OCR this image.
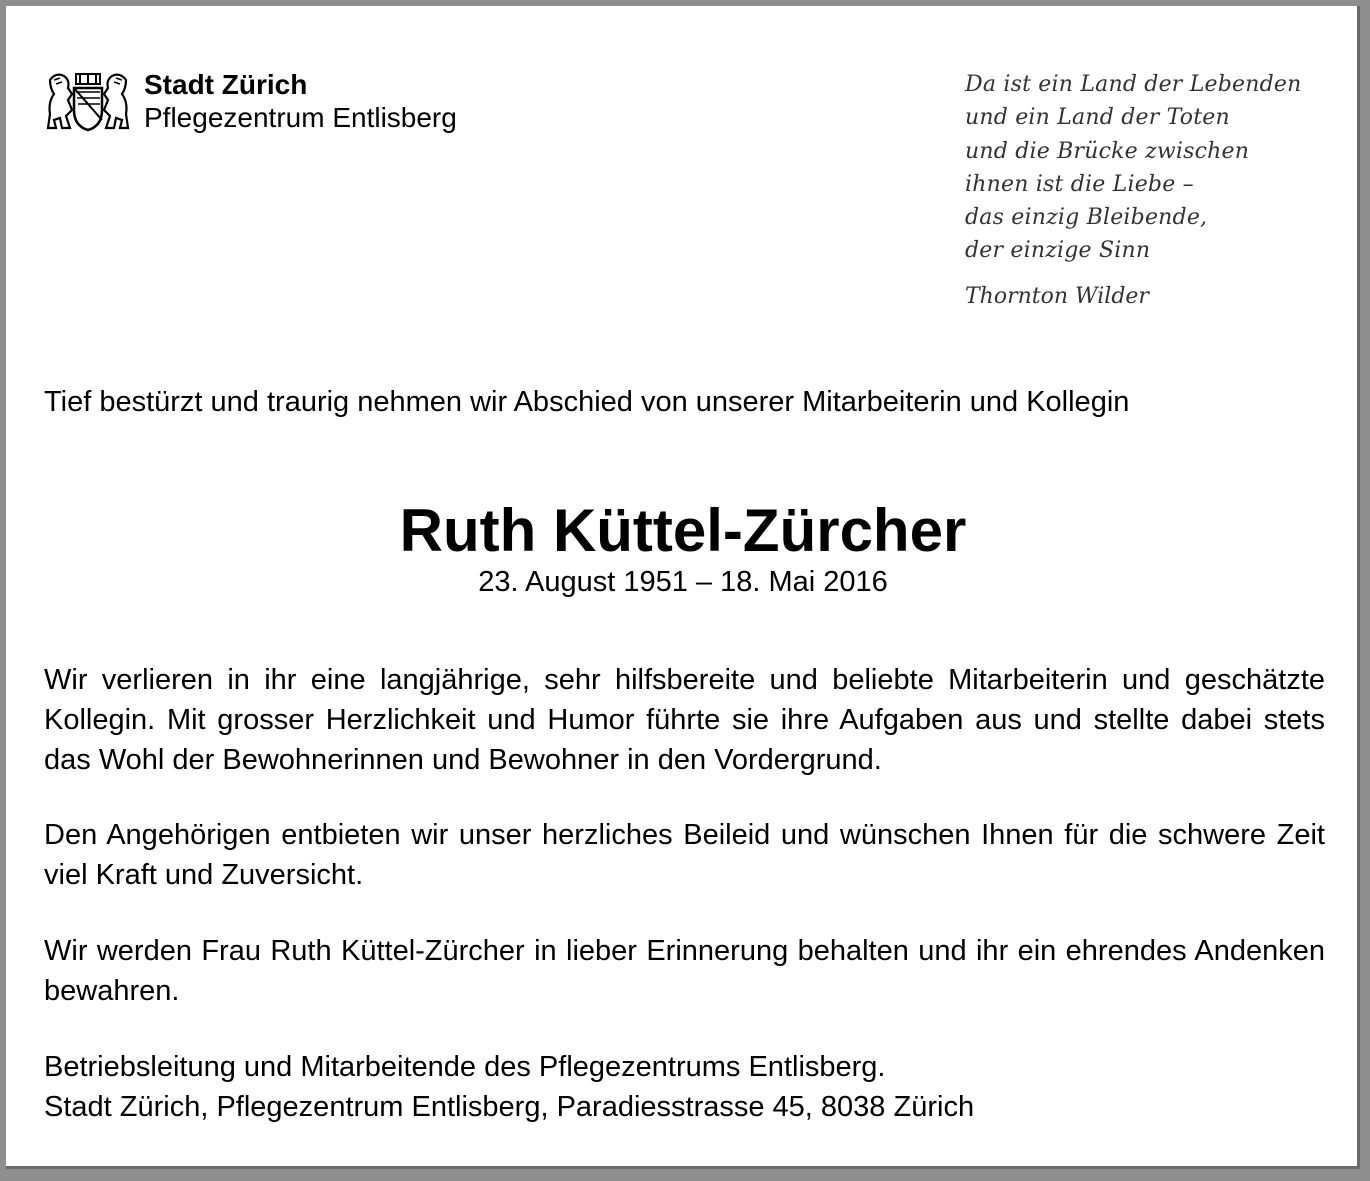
Stadt Zürich
Pflegezentrum Entlisberg
Da ist ein Land der Lebenden
und ein Land der Toten
und die Brücke zwischen
ihnen ist die Liebe –
das einzig Bleibende,
der einzige Sinn
Thornton Wilder
Tief bestürzt und traurig nehmen wir Abschied von unserer Mitarbeiterin und Kollegin
Ruth Küttel-Zürcher
23. August 1951 – 18. Mai 2016

Wir verlieren in ihr eine langjährige, sehr hilfsbereite und beliebte Mitarbeiterin und geschätzte Kollegin. Mit grosser Herzlichkeit und Humor führte sie ihre Aufgaben aus und stellte dabei stets das Wohl der Bewohnerinnen und Bewohner in den Vordergrund.

Den Angehörigen entbieten wir unser herzliches Beileid und wünschen Ihnen für die schwere Zeit viel Kraft und Zuversicht.

Wir werden Frau Ruth Küttel-Zürcher in lieber Erinnerung behalten und ihr ein ehrendes Andenken bewahren.

Betriebsleitung und Mitarbeitende des Pflegezentrums Entlisberg.
Stadt Zürich, Pflegezentrum Entlisberg, Paradiesstrasse 45, 8038 Zürich
